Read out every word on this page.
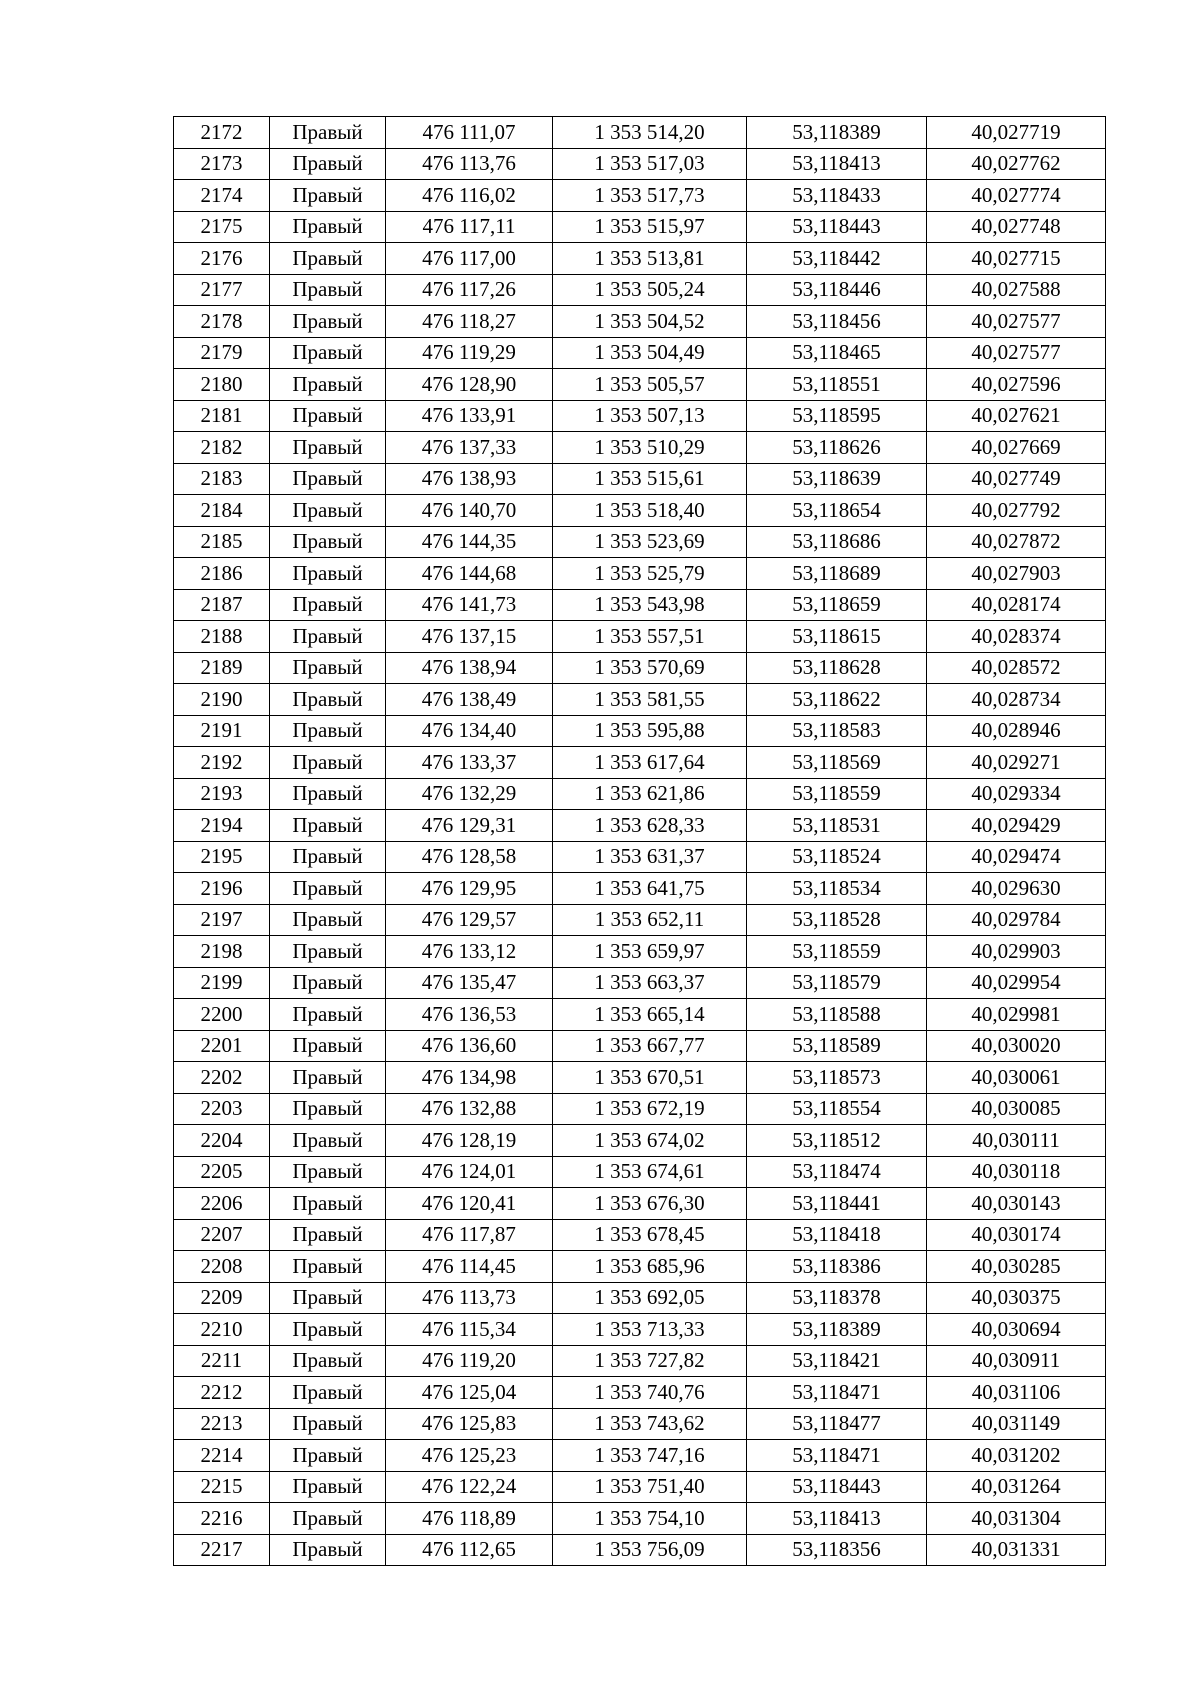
2172	Правый	476 111,07	1 353 514,20	53,118389	40,027719
2173	Правый	476 113,76	1 353 517,03	53,118413	40,027762
2174	Правый	476 116,02	1 353 517,73	53,118433	40,027774
2175	Правый	476 117,11	1 353 515,97	53,118443	40,027748
2176	Правый	476 117,00	1 353 513,81	53,118442	40,027715
2177	Правый	476 117,26	1 353 505,24	53,118446	40,027588
2178	Правый	476 118,27	1 353 504,52	53,118456	40,027577
2179	Правый	476 119,29	1 353 504,49	53,118465	40,027577
2180	Правый	476 128,90	1 353 505,57	53,118551	40,027596
2181	Правый	476 133,91	1 353 507,13	53,118595	40,027621
2182	Правый	476 137,33	1 353 510,29	53,118626	40,027669
2183	Правый	476 138,93	1 353 515,61	53,118639	40,027749
2184	Правый	476 140,70	1 353 518,40	53,118654	40,027792
2185	Правый	476 144,35	1 353 523,69	53,118686	40,027872
2186	Правый	476 144,68	1 353 525,79	53,118689	40,027903
2187	Правый	476 141,73	1 353 543,98	53,118659	40,028174
2188	Правый	476 137,15	1 353 557,51	53,118615	40,028374
2189	Правый	476 138,94	1 353 570,69	53,118628	40,028572
2190	Правый	476 138,49	1 353 581,55	53,118622	40,028734
2191	Правый	476 134,40	1 353 595,88	53,118583	40,028946
2192	Правый	476 133,37	1 353 617,64	53,118569	40,029271
2193	Правый	476 132,29	1 353 621,86	53,118559	40,029334
2194	Правый	476 129,31	1 353 628,33	53,118531	40,029429
2195	Правый	476 128,58	1 353 631,37	53,118524	40,029474
2196	Правый	476 129,95	1 353 641,75	53,118534	40,029630
2197	Правый	476 129,57	1 353 652,11	53,118528	40,029784
2198	Правый	476 133,12	1 353 659,97	53,118559	40,029903
2199	Правый	476 135,47	1 353 663,37	53,118579	40,029954
2200	Правый	476 136,53	1 353 665,14	53,118588	40,029981
2201	Правый	476 136,60	1 353 667,77	53,118589	40,030020
2202	Правый	476 134,98	1 353 670,51	53,118573	40,030061
2203	Правый	476 132,88	1 353 672,19	53,118554	40,030085
2204	Правый	476 128,19	1 353 674,02	53,118512	40,030111
2205	Правый	476 124,01	1 353 674,61	53,118474	40,030118
2206	Правый	476 120,41	1 353 676,30	53,118441	40,030143
2207	Правый	476 117,87	1 353 678,45	53,118418	40,030174
2208	Правый	476 114,45	1 353 685,96	53,118386	40,030285
2209	Правый	476 113,73	1 353 692,05	53,118378	40,030375
2210	Правый	476 115,34	1 353 713,33	53,118389	40,030694
2211	Правый	476 119,20	1 353 727,82	53,118421	40,030911
2212	Правый	476 125,04	1 353 740,76	53,118471	40,031106
2213	Правый	476 125,83	1 353 743,62	53,118477	40,031149
2214	Правый	476 125,23	1 353 747,16	53,118471	40,031202
2215	Правый	476 122,24	1 353 751,40	53,118443	40,031264
2216	Правый	476 118,89	1 353 754,10	53,118413	40,031304
2217	Правый	476 112,65	1 353 756,09	53,118356	40,031331
